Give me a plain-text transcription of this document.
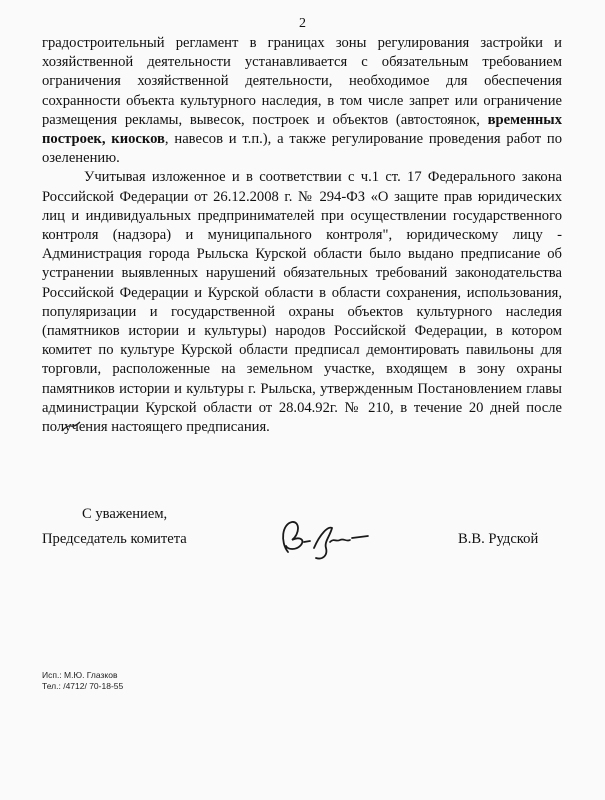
2

градостроительный регламент в границах зоны регулирования застройки и хозяйственной деятельности устанавливается с обязательным требованием ограничения хозяйственной деятельности, необходимое для обеспечения сохранности объекта культурного наследия, в том числе запрет или ограничение размещения рекламы, вывесок, построек и объектов (автостоянок, временных построек, киосков, навесов и т.п.), а также регулирование проведения работ по озеленению.

Учитывая изложенное и в соответствии с ч.1 ст. 17 Федерального закона Российской Федерации от 26.12.2008 г. № 294-ФЗ «О защите прав юридических лиц и индивидуальных предпринимателей при осуществлении государственного контроля (надзора) и муниципального контроля", юридическому лицу - Администрация города Рыльска Курской области было выдано предписание об устранении выявленных нарушений обязательных требований законодательства Российской Федерации и Курской области в области сохранения, использования, популяризации и государственной охраны объектов культурного наследия (памятников истории и культуры) народов Российской Федерации, в котором комитет по культуре Курской области предписал демонтировать павильоны для торговли, расположенные на земельном участке, входящем в зону охраны памятников истории и культуры г. Рыльска, утвержденным Постановлением главы администрации Курской области от 28.04.92г. № 210, в течение 20 дней после получения настоящего предписания.

С уважением,
Председатель комитета	В.В. Рудской
Исп.: М.Ю. Глазков
Тел.: /4712/ 70-18-55
